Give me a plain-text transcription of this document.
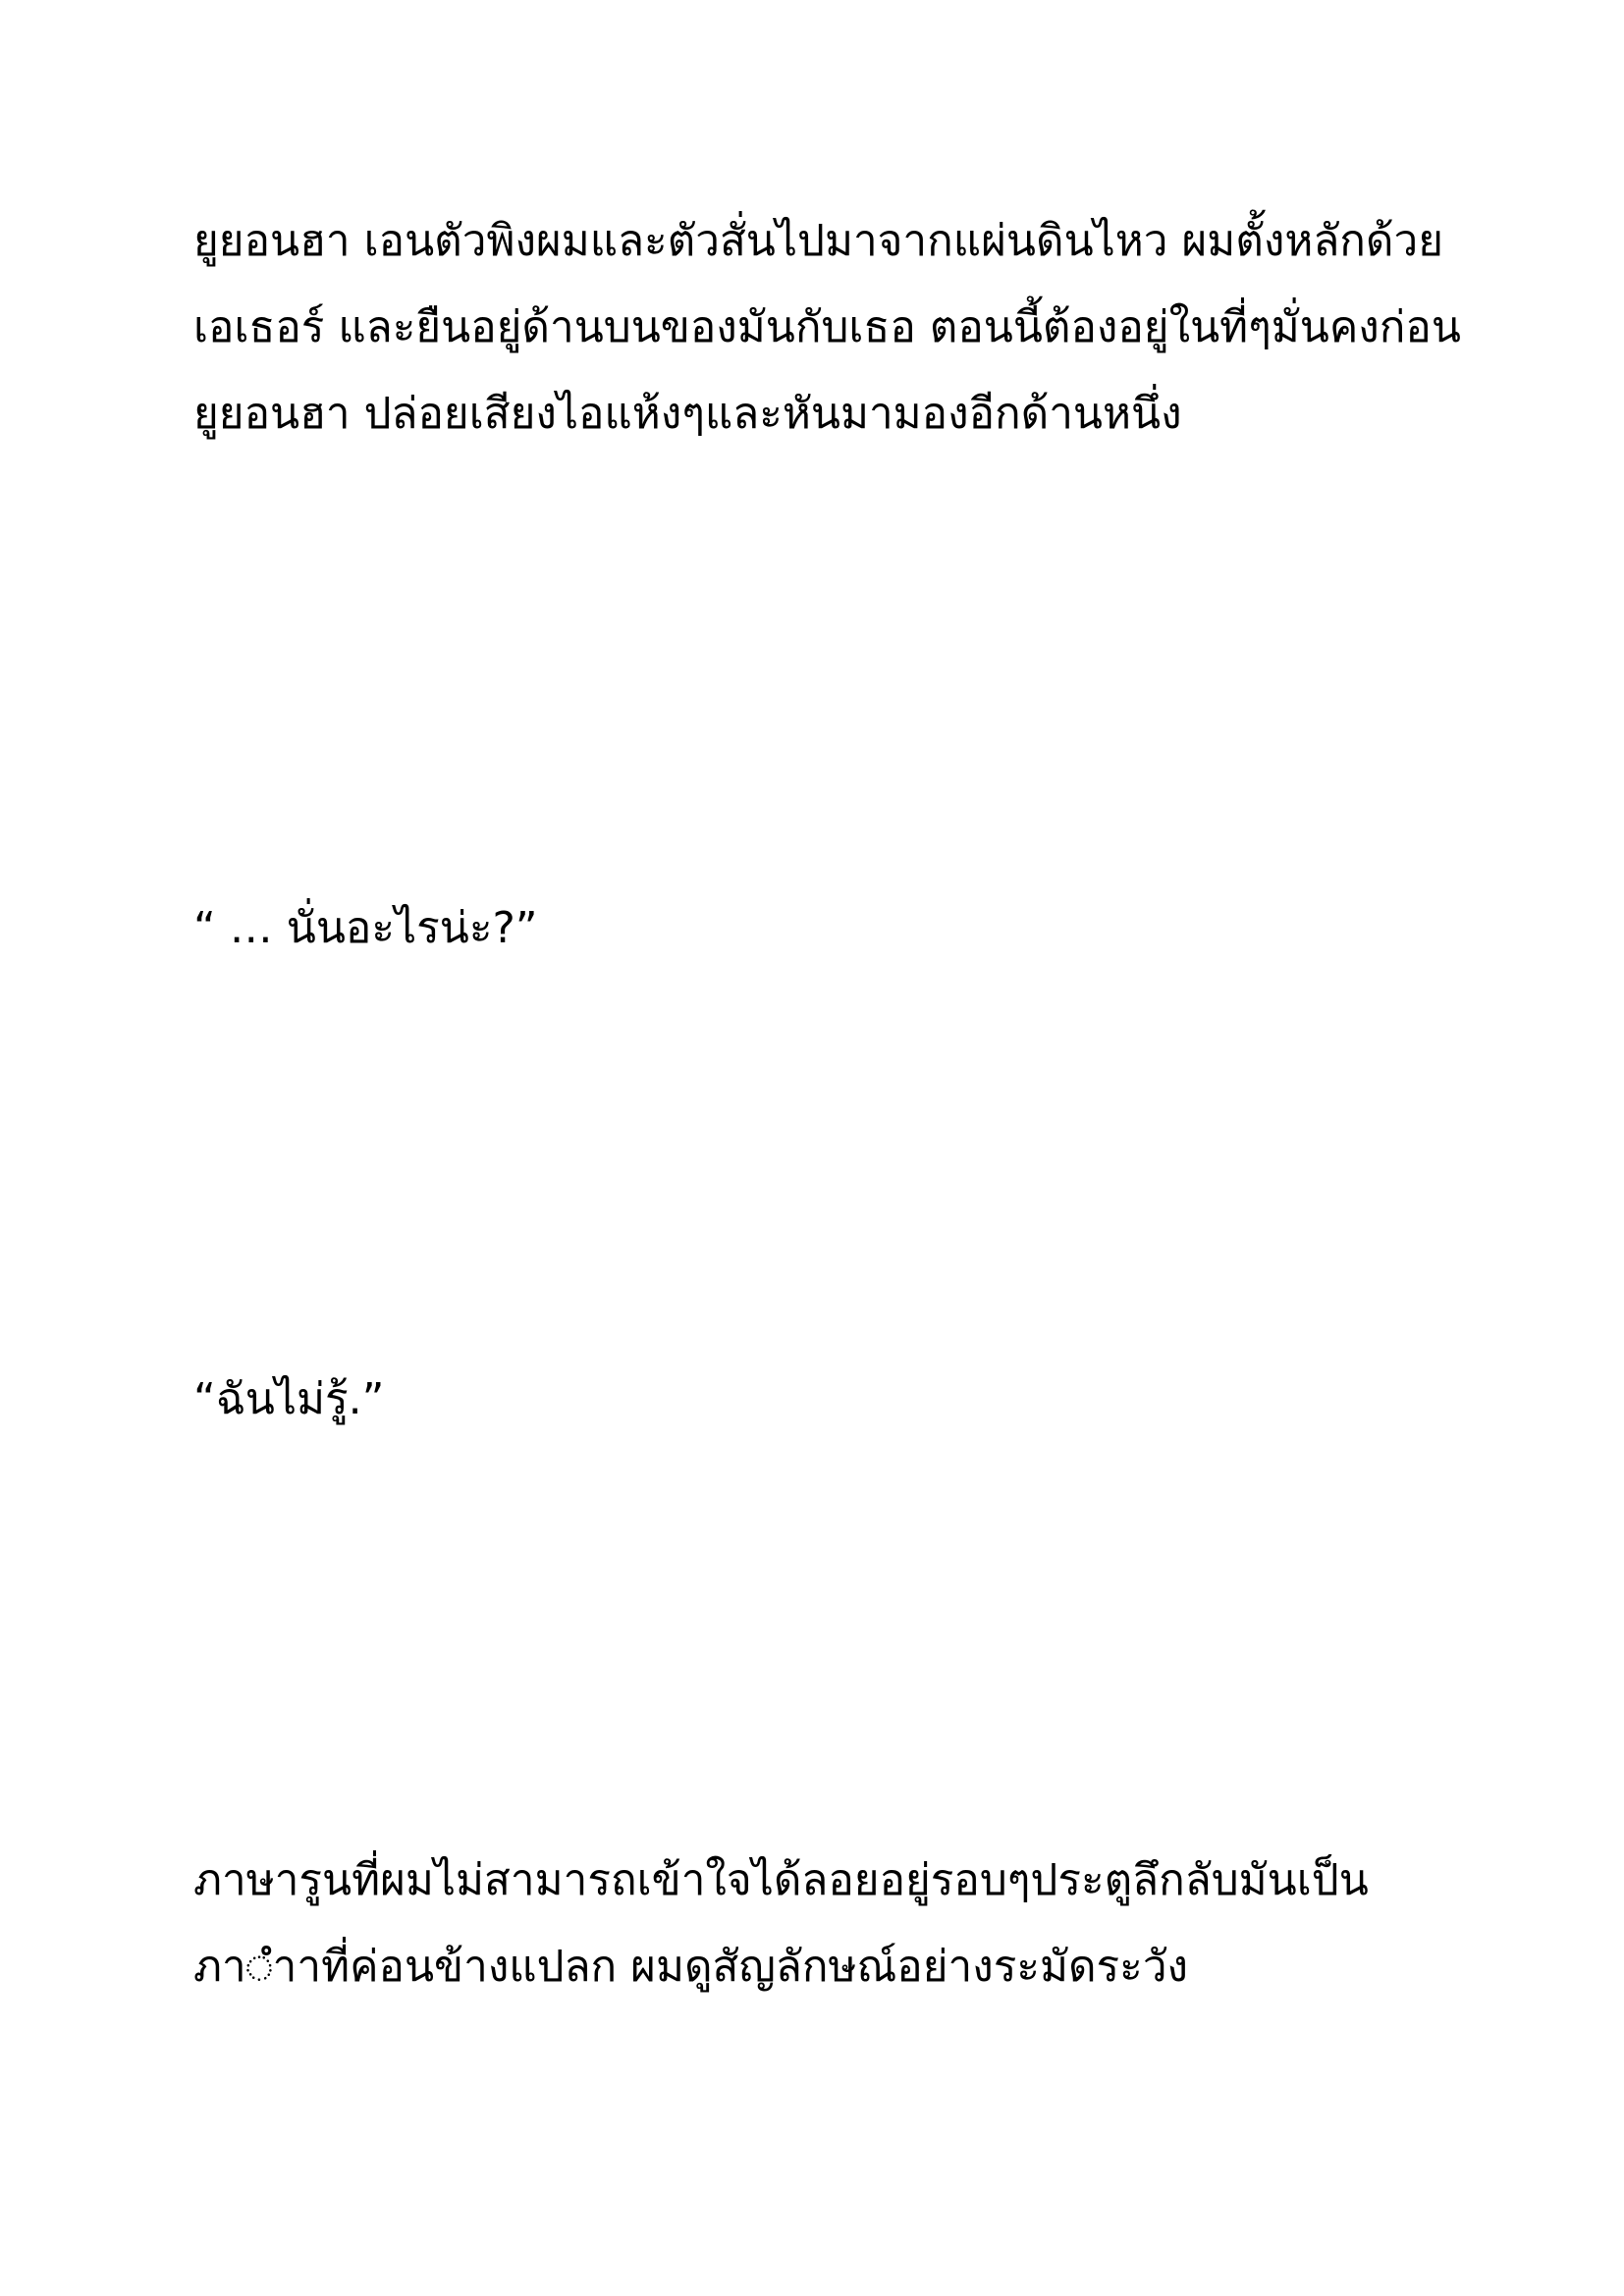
ยูยอนฮา เอนตัวพิงผมและตัวสั่นไปมาจากแผ่นดินไหว ผมตั้งหลักด้วย
เอเธอร์ และยืนอยู่ด้านบนของมันกับเธอ ตอนนี้ต้องอยู่ในที่ๆมั่นคงก่อน
ยูยอนฮา ปล่อยเสียงไอแห้งๆและหันมามองอีกด้านหนึ่ง
“ … นั่นอะไรน่ะ?”
“ฉันไม่รู้.”
ภาษารูนที่ผมไม่สามารถเข้าใจได้ลอยอยู่รอบๆประตูลึกลับมันเป็น
ภา◌ำาที่ค่อนข้างแปลก ผมดูสัญลักษณ์อย่างระมัดระวัง
